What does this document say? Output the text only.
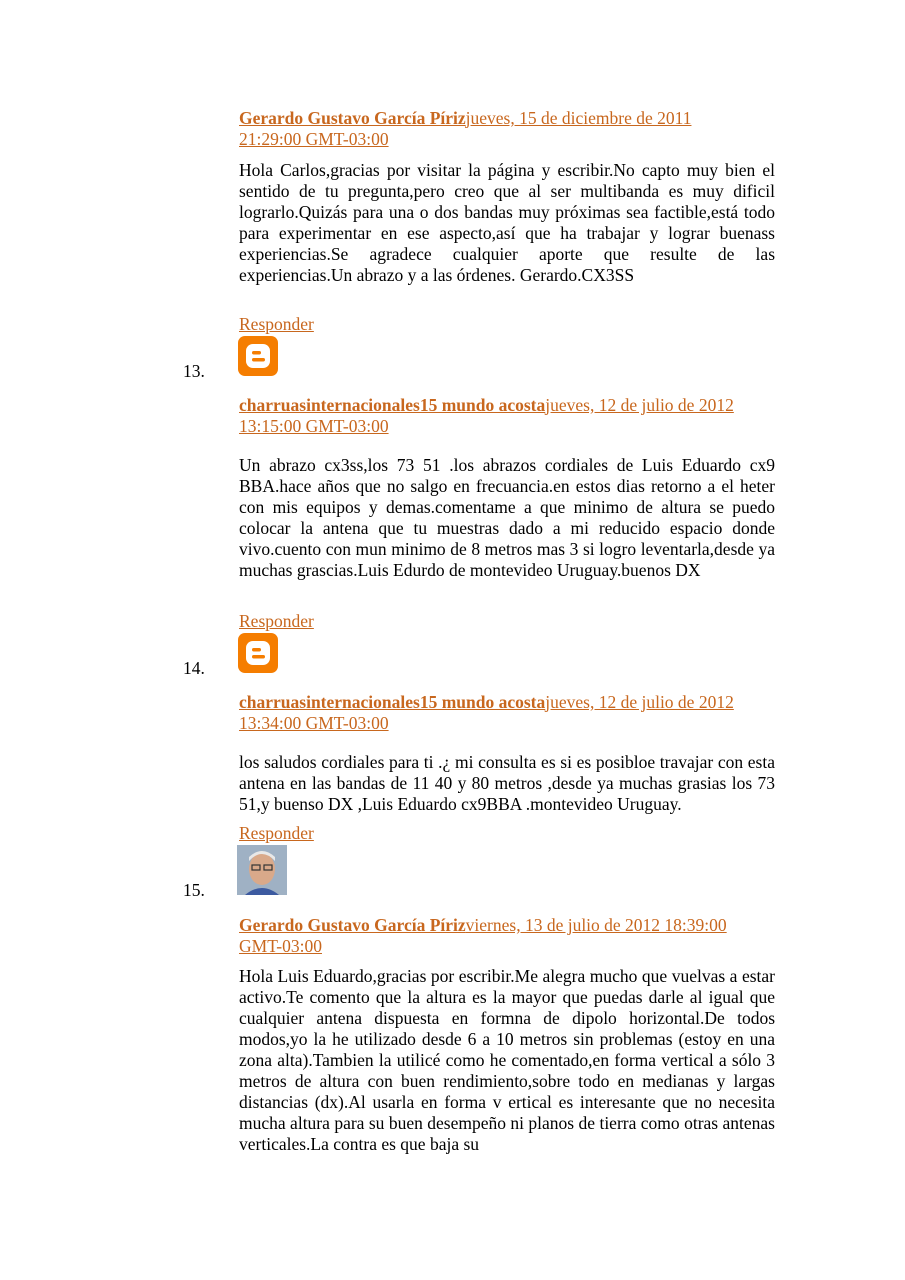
Gerardo Gustavo García Pírizjueves, 15 de diciembre de 2011
21:29:00 GMT-03:00
Hola Carlos,gracias por visitar la página y escribir.No capto muy bien el sentido de tu pregunta,pero creo que al ser multibanda es muy dificil lograrlo.Quizás para una o dos bandas muy próximas sea factible,está todo para experimentar en ese aspecto,así que ha trabajar y lograr buenass experiencias.Se agradece cualquier aporte que resulte de las experiencias.Un abrazo y a las órdenes. Gerardo.CX3SS
Responder
13.
charruasinternacionales15 mundo acostajueves, 12 de julio de 2012
13:15:00 GMT-03:00
Un abrazo cx3ss,los 73 51 .los abrazos cordiales de Luis Eduardo cx9 BBA.hace años que no salgo en frecuancia.en estos dias retorno a el heter con mis equipos y demas.comentame a que minimo de altura se puedo colocar la antena que tu muestras dado a mi reducido espacio donde vivo.cuento con mun minimo de 8 metros mas 3 si logro leventarla,desde ya muchas grascias.Luis Edurdo de montevideo Uruguay.buenos DX
Responder
14.
charruasinternacionales15 mundo acostajueves, 12 de julio de 2012
13:34:00 GMT-03:00
los saludos cordiales para ti .¿ mi consulta es si es posibloe travajar con esta antena en las bandas de 11 40 y 80 metros ,desde ya muchas grasias los 73 51,y buenso DX ,Luis Eduardo cx9BBA .montevideo Uruguay.
Responder
15.
Gerardo Gustavo García Pírizviernes, 13 de julio de 2012 18:39:00
GMT-03:00
Hola Luis Eduardo,gracias por escribir.Me alegra mucho que vuelvas a estar activo.Te comento que la altura es la mayor que puedas darle al igual que cualquier antena dispuesta en formna de dipolo horizontal.De todos modos,yo la he utilizado desde 6 a 10 metros sin problemas (estoy en una zona alta).Tambien la utilicé como he comentado,en forma vertical a sólo 3 metros de altura con buen rendimiento,sobre todo en medianas y largas distancias (dx).Al usarla en forma v ertical es interesante que no necesita mucha altura para su buen desempeño ni planos de tierra como otras antenas verticales.La contra es que baja su
